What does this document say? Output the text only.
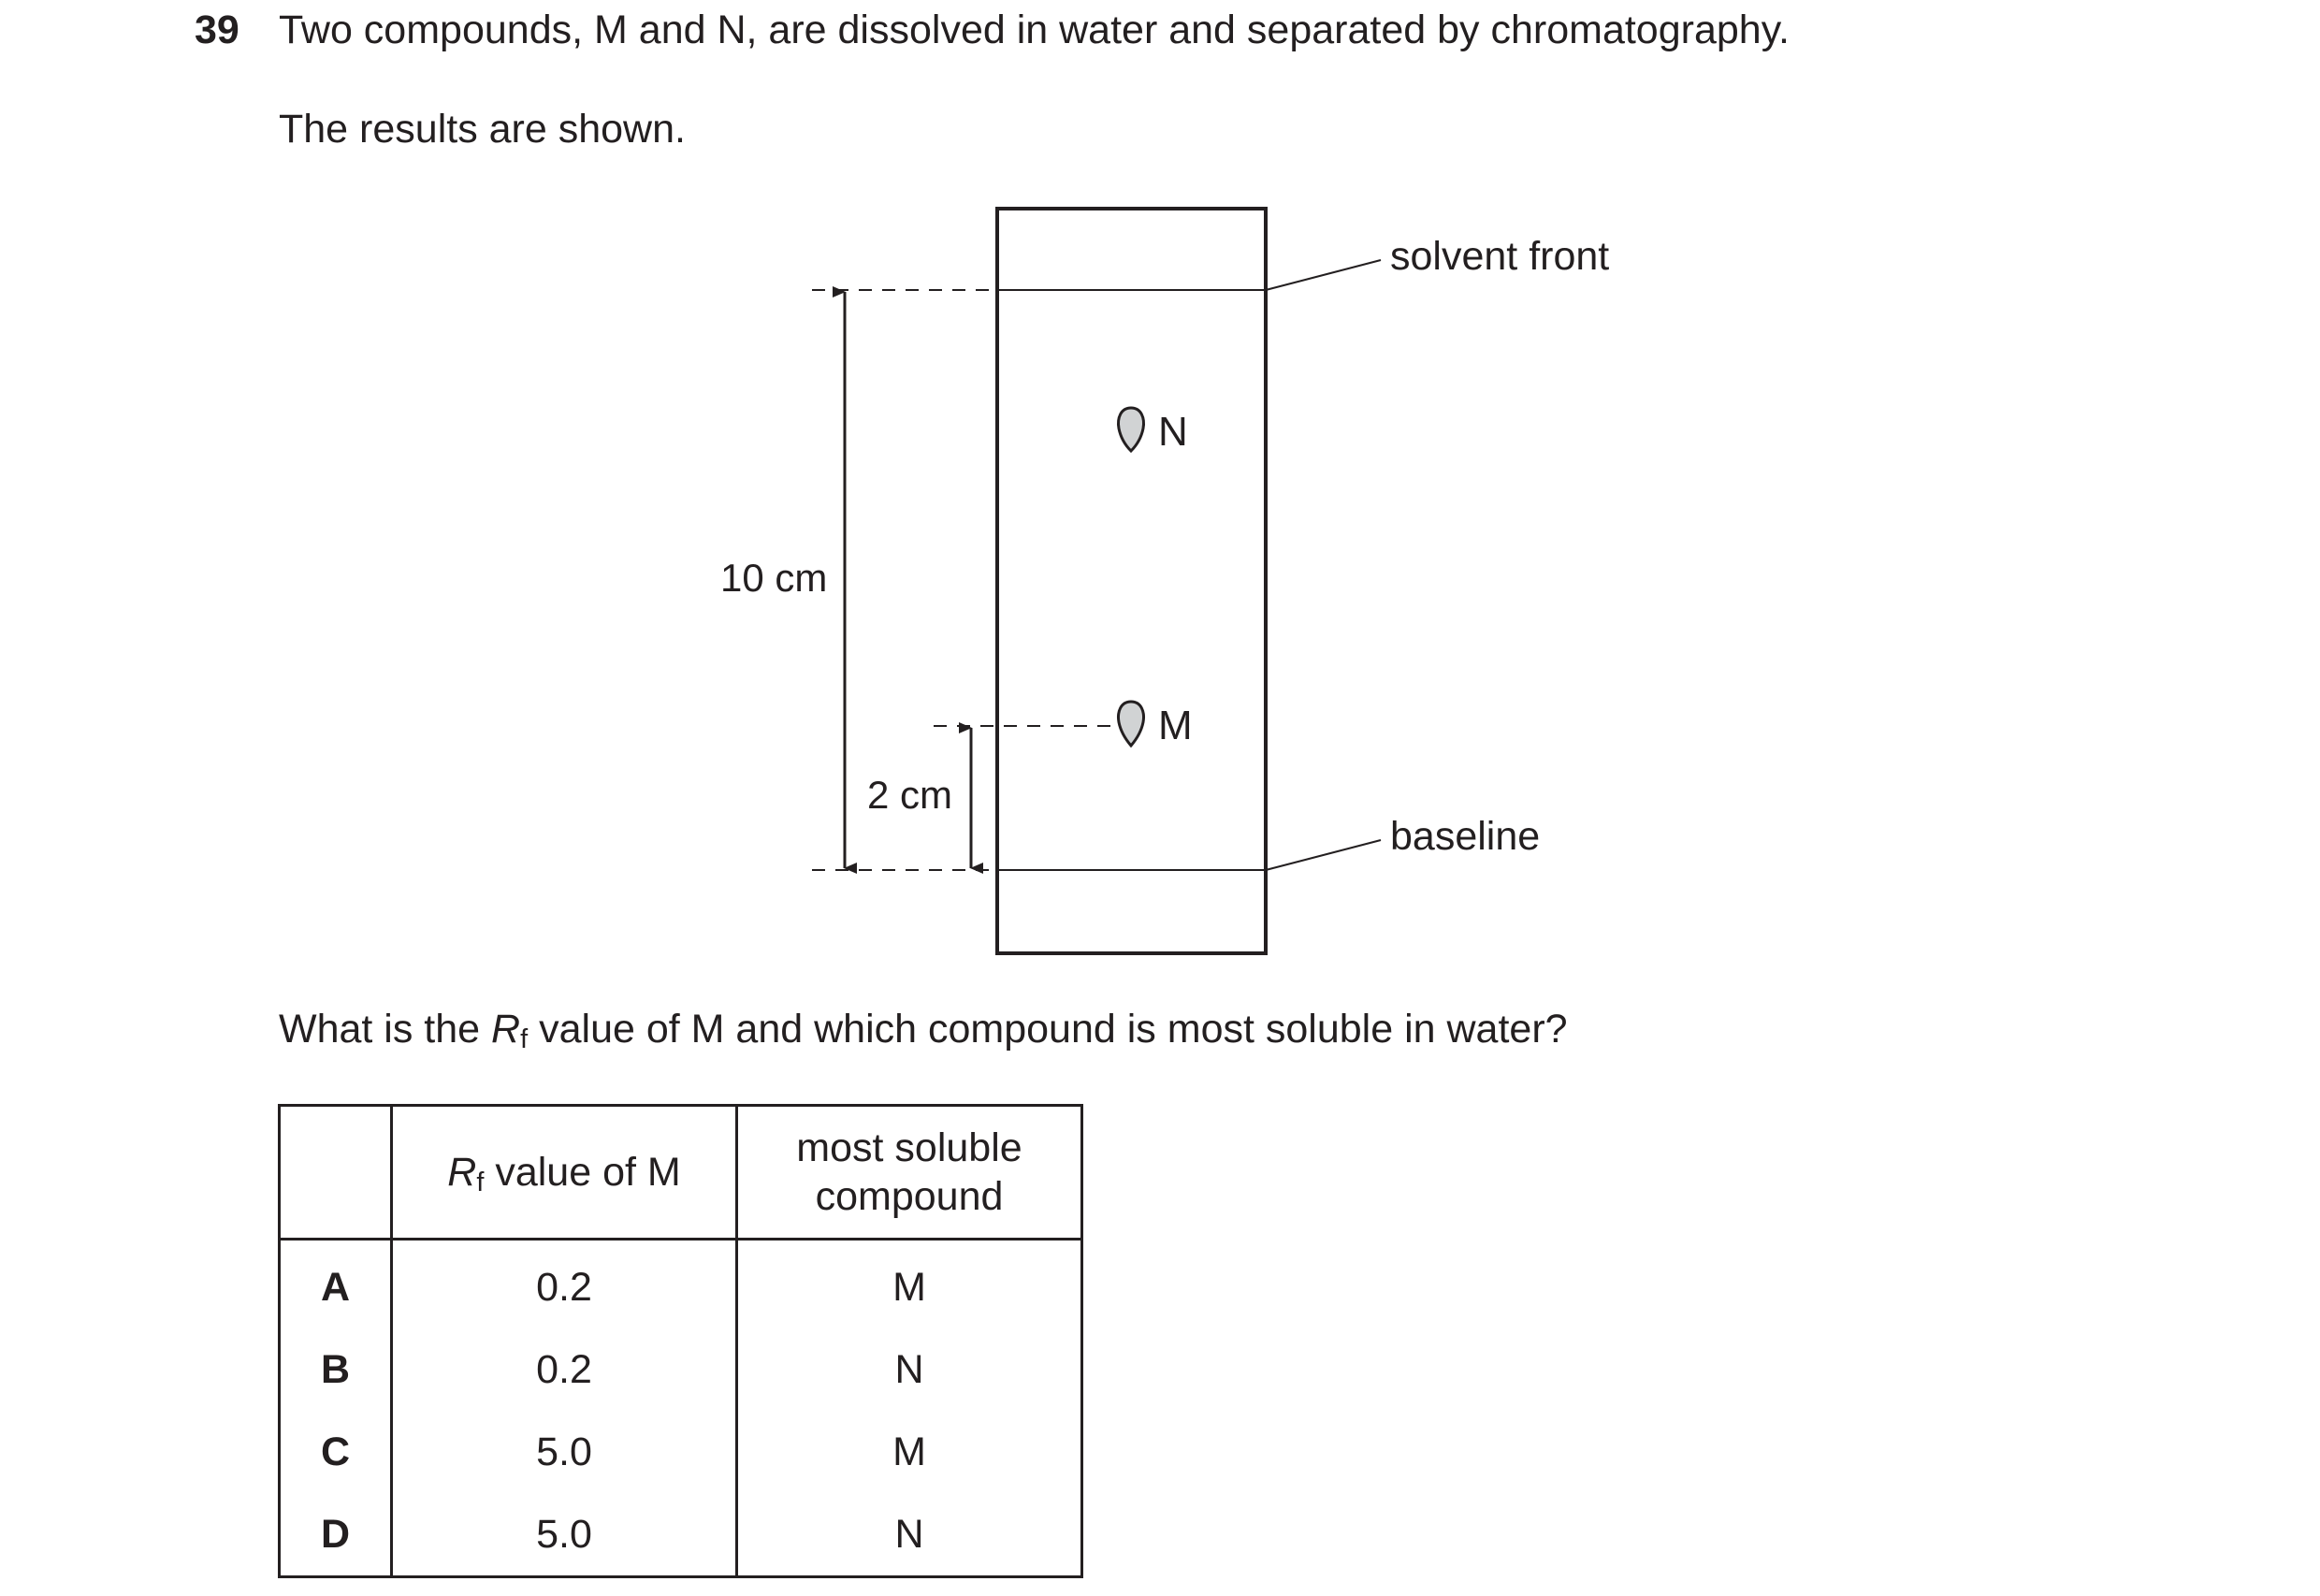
39 Two compounds, M and N, are dissolved in water and separated by chromatography.
The results are shown.
10 cm
2 cm
N
M
solvent front
baseline
What is the $R_f$ value of M and which compound is most soluble in water?
	$R_f$ value of M	most soluble
compound
A	0.2	M
B	0.2	N
C	5.0	M
D	5.0	N
